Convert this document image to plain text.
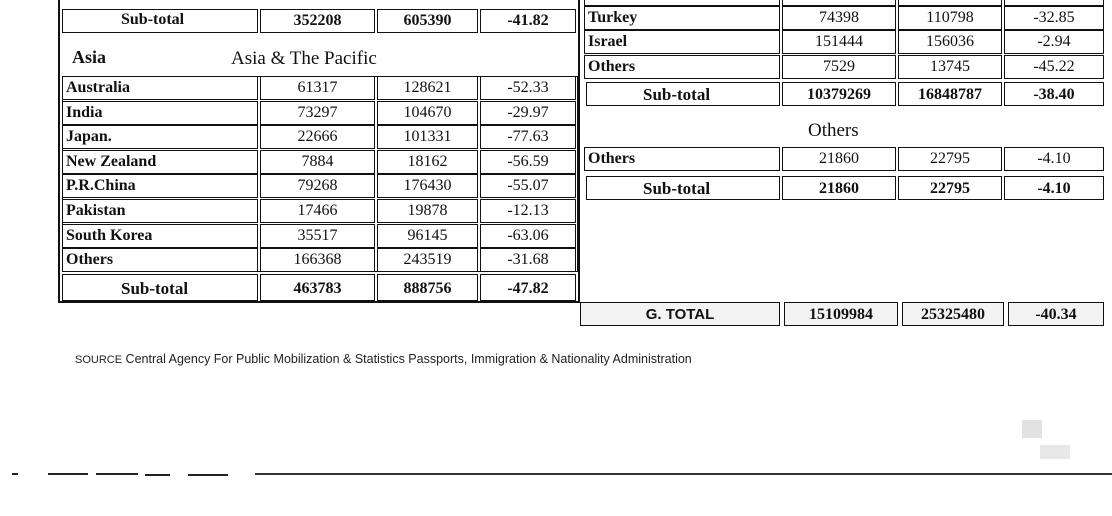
Sub-total	352208	605390	-41.82
Asia	Asia & The Pacific
Australia	61317	128621	-52.33
India	73297	104670	-29.97
Japan.	22666	101331	-77.63
New Zealand	7884	18162	-56.59
P.R.China	79268	176430	-55.07
Pakistan	17466	19878	-12.13
South Korea	35517	96145	-63.06
Others	166368	243519	-31.68
Sub-total	463783	888756	-47.82
Turkey	74398	110798	-32.85
Israel	151444	156036	-2.94
Others	7529	13745	-45.22
Sub-total	10379269	16848787	-38.40
Others
Others	21860	22795	-4.10
Sub-total	21860	22795	-4.10
G. TOTAL	15109984	25325480	-40.34
SOURCE Central Agency For Public Mobilization & Statistics Passports, Immigration & Nationality Administration
